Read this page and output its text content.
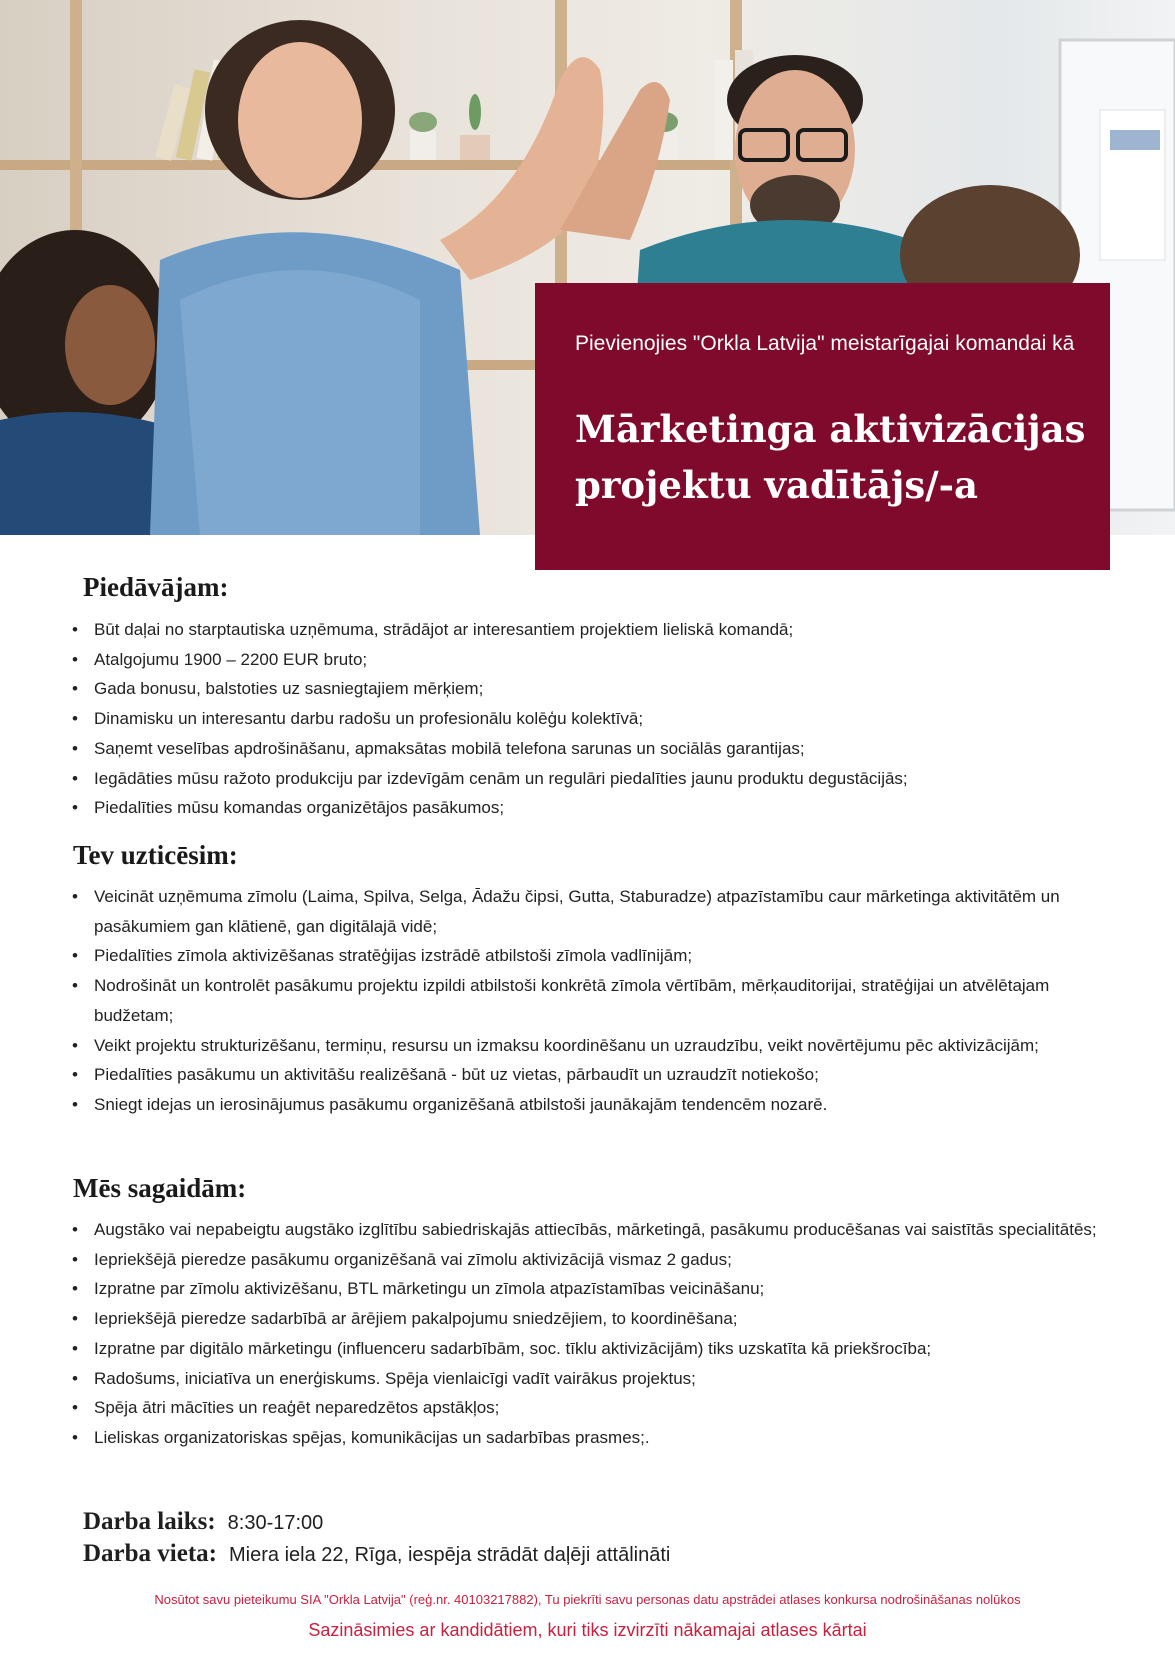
Pievienojies "Orkla Latvija" meistarīgajai komandai kā
Mārketinga aktivizācijas projektu vadītājs/-a
Piedāvājam:
• Būt daļai no starptautiska uzņēmuma, strādājot ar interesantiem projektiem lieliskā komandā;
• Atalgojumu 1900 – 2200 EUR bruto;
• Gada bonusu, balstoties uz sasniegtajiem mērķiem;
• Dinamisku un interesantu darbu radošu un profesionālu kolēģu kolektīvā;
• Saņemt veselības apdrošināšanu, apmaksātas mobilā telefona sarunas un sociālās garantijas;
• Iegādāties mūsu ražoto produkciju par izdevīgām cenām un regulāri piedalīties jaunu produktu degustācijās;
• Piedalīties mūsu komandas organizētājos pasākumos;
Tev uzticēsim:
• Veicināt uzņēmuma zīmolu (Laima, Spilva, Selga, Ādažu čipsi, Gutta, Staburadze) atpazīstamību caur mārketinga aktivitātēm un pasākumiem gan klātienē, gan digitālajā vidē;
• Piedalīties zīmola aktivizēšanas stratēģijas izstrādē atbilstoši zīmola vadlīnijām;
• Nodrošināt un kontrolēt pasākumu projektu izpildi atbilstoši konkrētā zīmola vērtībām, mērķauditorijai, stratēģijai un atvēlētajam budžetam;
• Veikt projektu strukturizēšanu, termiņu, resursu un izmaksu koordinēšanu un uzraudzību, veikt novērtējumu pēc aktivizācijām;
• Piedalīties pasākumu un aktivitāšu realizēšanā - būt uz vietas, pārbaudīt un uzraudzīt notiekošo;
• Sniegt idejas un ierosinājumus pasākumu organizēšanā atbilstoši jaunākajām tendencēm nozarē.
Mēs sagaidām:
• Augstāko vai nepabeigtu augstāko izglītību sabiedriskajās attiecībās, mārketingā, pasākumu producēšanas vai saistītās specialitātēs;
• Iepriekšējā pieredze pasākumu organizēšanā vai zīmolu aktivizācijā vismaz 2 gadus;
• Izpratne par zīmolu aktivizēšanu, BTL mārketingu un zīmola atpazīstamības veicināšanu;
• Iepriekšējā pieredze sadarbībā ar ārējiem pakalpojumu sniedzējiem, to koordinēšana;
• Izpratne par digitālo mārketingu (influenceru sadarbībām, soc. tīklu aktivizācijām) tiks uzskatīta kā priekšrocība;
• Radošums, iniciatīva un enerģiskums. Spēja vienlaicīgi vadīt vairākus projektus;
• Spēja ātri mācīties un reaģēt neparedzētos apstākļos;
• Lieliskas organizatoriskas spējas, komunikācijas un sadarbības prasmes;.
Darba laiks: 8:30-17:00
Darba vieta: Miera iela 22, Rīga, iespēja strādāt daļēji attālināti
Nosūtot savu pieteikumu SIA "Orkla Latvija" (reģ.nr. 40103217882), Tu piekrīti savu personas datu apstrādei atlases konkursa nodrošināšanas nolūkos
Sazināsimies ar kandidātiem, kuri tiks izvirzīti nākamajai atlases kārtai
